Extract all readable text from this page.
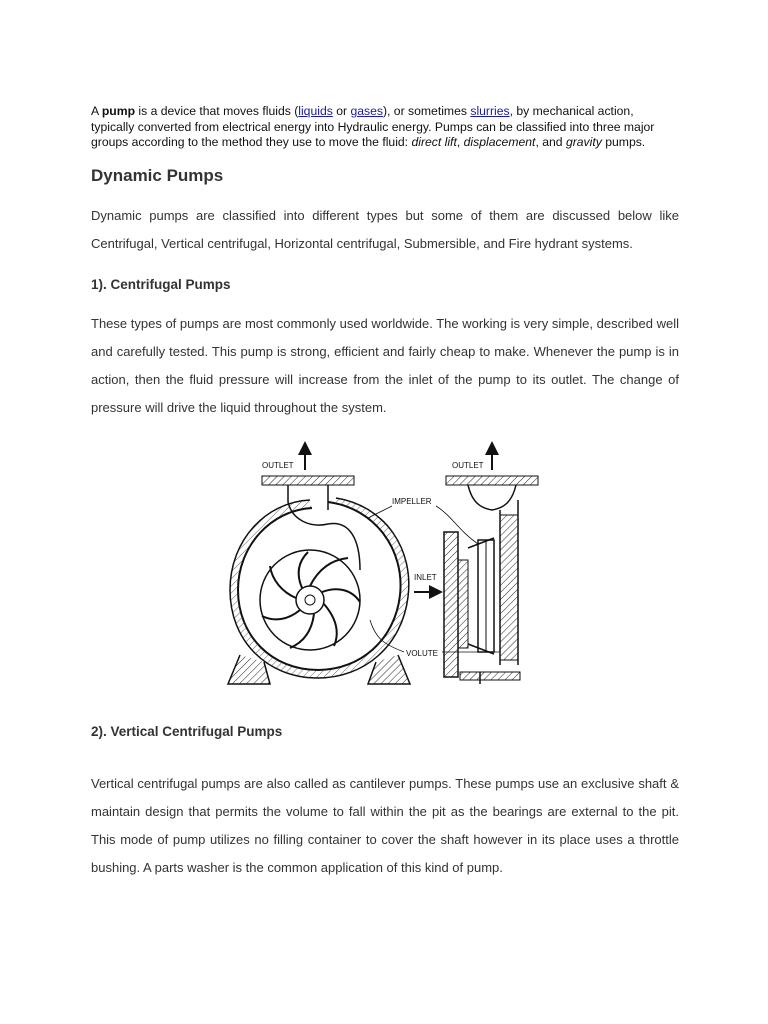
A pump is a device that moves fluids (liquids or gases), or sometimes slurries, by mechanical action, typically converted from electrical energy into Hydraulic energy. Pumps can be classified into three major groups according to the method they use to move the fluid: direct lift, displacement, and gravity pumps.

Dynamic Pumps

Dynamic pumps are classified into different types but some of them are discussed below like Centrifugal, Vertical centrifugal, Horizontal centrifugal, Submersible, and Fire hydrant systems.

1). Centrifugal Pumps

These types of pumps are most commonly used worldwide. The working is very simple, described well and carefully tested. This pump is strong, efficient and fairly cheap to make. Whenever the pump is in action, then the fluid pressure will increase from the inlet of the pump to its outlet. The change of pressure will drive the liquid throughout the system.

2). Vertical Centrifugal Pumps

Vertical centrifugal pumps are also called as cantilever pumps. These pumps use an exclusive shaft & maintain design that permits the volume to fall within the pit as the bearings are external to the pit. This mode of pump utilizes no filling container to cover the shaft however in its place uses a throttle bushing. A parts washer is the common application of this kind of pump.

OUTLET	OUTLET
INLET
IMPELLER
VOLUTE
